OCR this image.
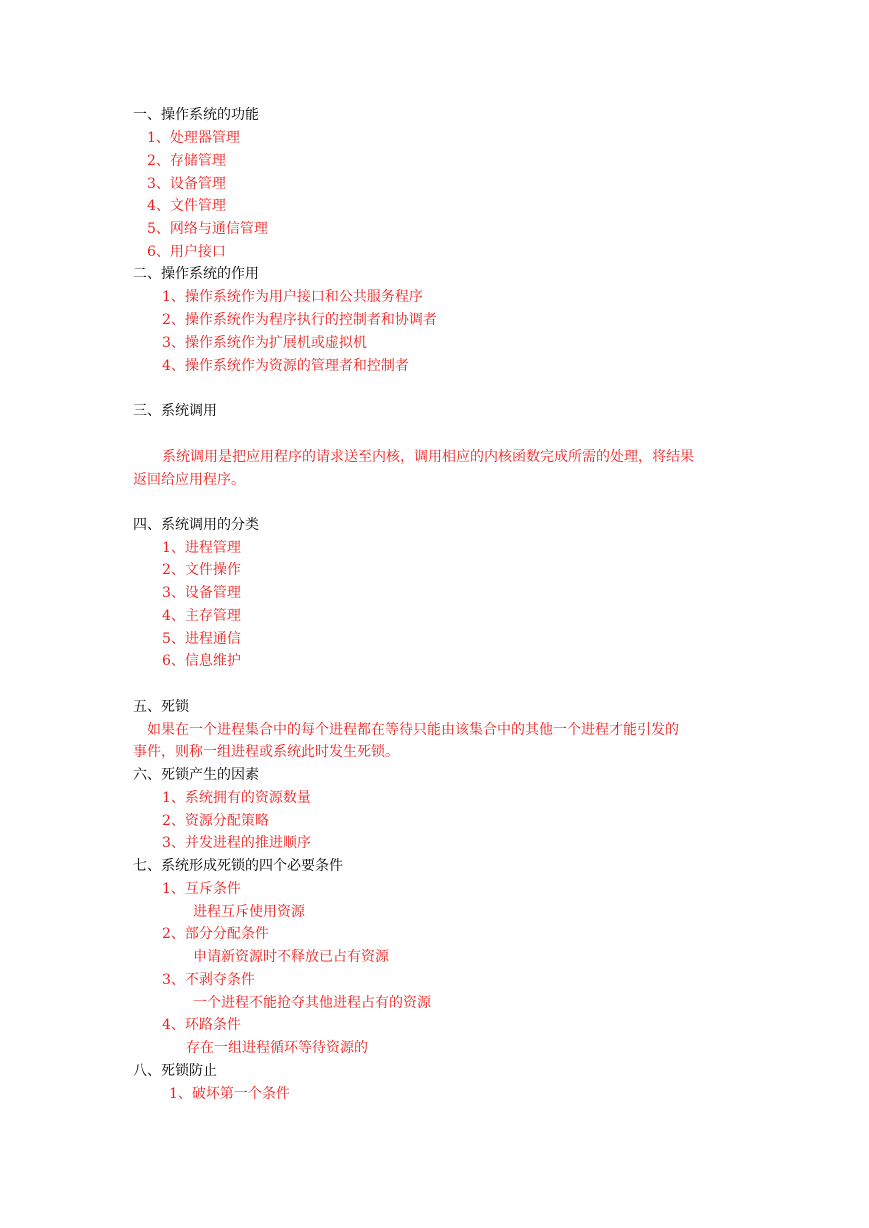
一、操作系统的功能
1、处理器管理
2、存储管理
3、设备管理
4、文件管理
5、网络与通信管理
6、用户接口
二、操作系统的作用
1、操作系统作为用户接口和公共服务程序
2、操作系统作为程序执行的控制者和协调者
3、操作系统作为扩展机或虚拟机
4、操作系统作为资源的管理者和控制者
三、系统调用
系统调用是把应用程序的请求送至内核，调用相应的内核函数完成所需的处理，将结果
返回给应用程序。
四、系统调用的分类
1、进程管理
2、文件操作
3、设备管理
4、主存管理
5、进程通信
6、信息维护
五、死锁
如果在一个进程集合中的每个进程都在等待只能由该集合中的其他一个进程才能引发的
事件，则称一组进程或系统此时发生死锁。
六、死锁产生的因素
1、系统拥有的资源数量
2、资源分配策略
3、并发进程的推进顺序
七、系统形成死锁的四个必要条件
1、互斥条件
进程互斥使用资源
2、部分分配条件
申请新资源时不释放已占有资源
3、不剥夺条件
一个进程不能抢夺其他进程占有的资源
4、环路条件
存在一组进程循环等待资源的
八、死锁防止
1、破坏第一个条件
